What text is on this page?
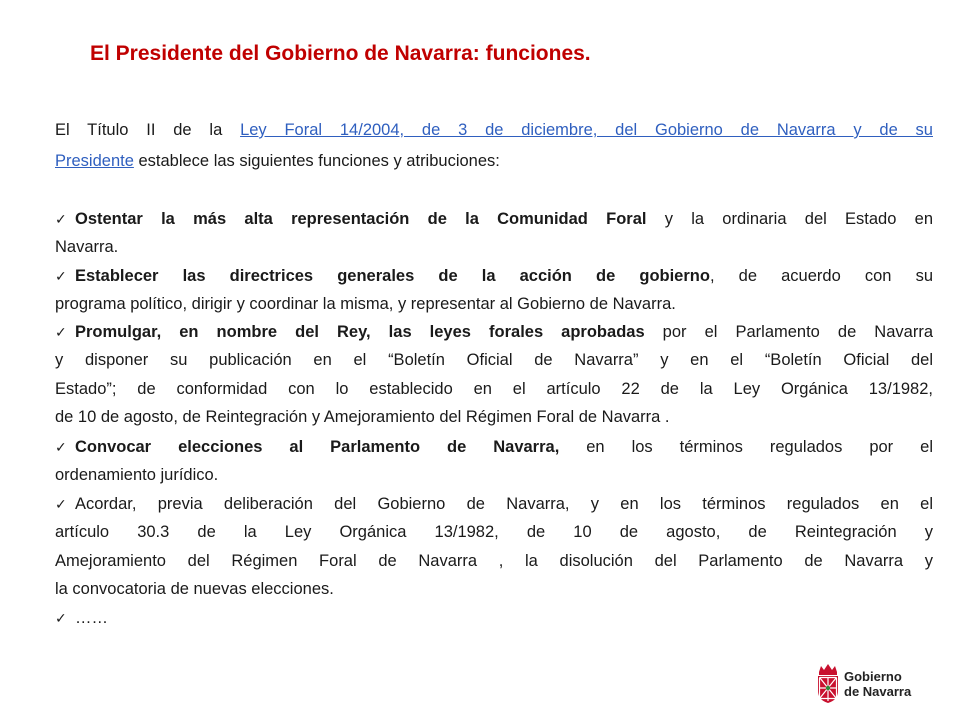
El Presidente del Gobierno de Navarra: funciones.
El Título II de la Ley Foral 14/2004, de 3 de diciembre, del Gobierno de Navarra y de su
Presidente establece las siguientes funciones y atribuciones:
✓ Ostentar la más alta representación de la Comunidad Foral y la ordinaria del Estado en
Navarra.
✓ Establecer las directrices generales de la acción de gobierno, de acuerdo con su
programa político, dirigir y coordinar la misma, y representar al Gobierno de Navarra.
✓ Promulgar, en nombre del Rey, las leyes forales aprobadas por el Parlamento de Navarra
y disponer su publicación en el “Boletín Oficial de Navarra” y en el “Boletín Oficial del
Estado”; de conformidad con lo establecido en el artículo 22 de la Ley Orgánica 13/1982,
de 10 de agosto, de Reintegración y Amejoramiento del Régimen Foral de Navarra .
✓ Convocar elecciones al Parlamento de Navarra, en los términos regulados por el
ordenamiento jurídico.
✓ Acordar, previa deliberación del Gobierno de Navarra, y en los términos regulados en el
artículo 30.3 de la Ley Orgánica 13/1982, de 10 de agosto, de Reintegración y
Amejoramiento del Régimen Foral de Navarra , la disolución del Parlamento de Navarra y
la convocatoria de nuevas elecciones.
✓ ……
Gobierno
de Navarra
